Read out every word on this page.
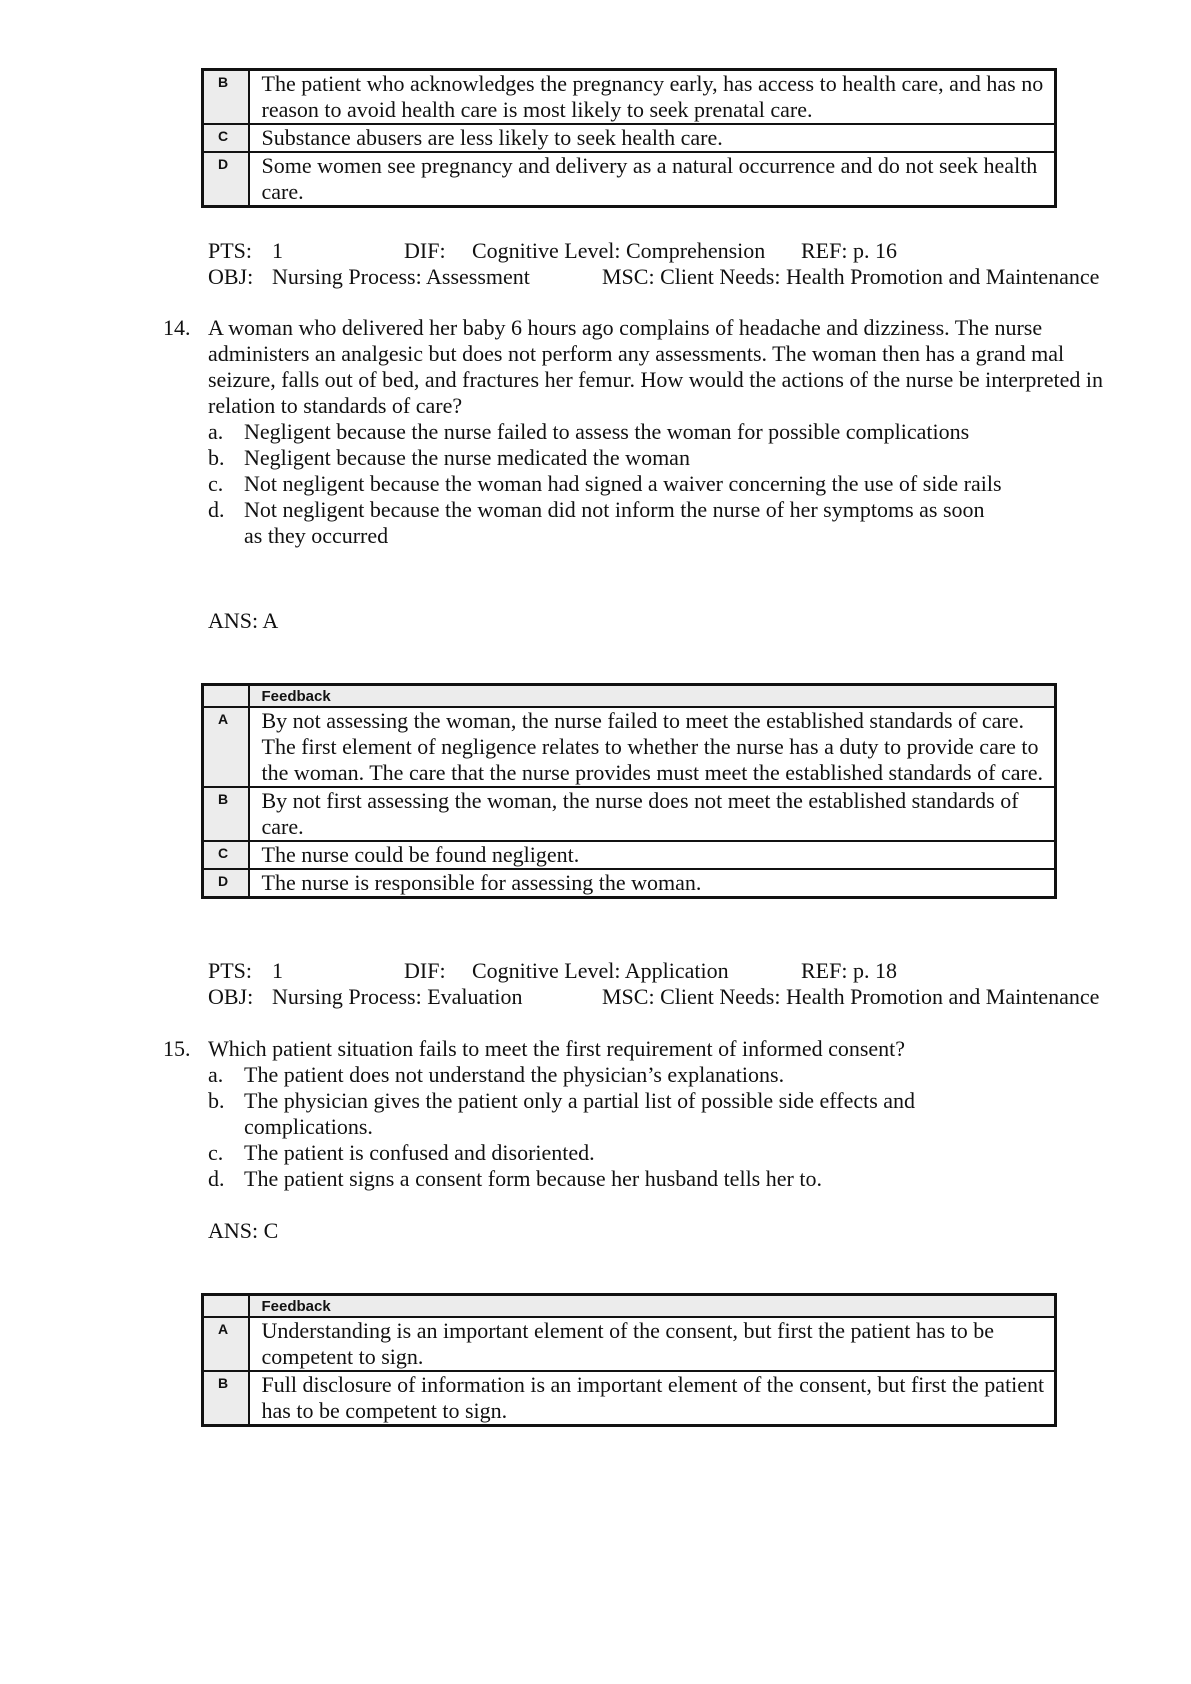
B	The patient who acknowledges the pregnancy early, has access to health care, and has no reason to avoid health care is most likely to seek prenatal care.
C	Substance abusers are less likely to seek health care.
D	Some women see pregnancy and delivery as a natural occurrence and do not seek health care.
PTS: 1	DIF: Cognitive Level: Comprehension REF: p. 16
OBJ: Nursing Process: Assessment	MSC: Client Needs: Health Promotion and Maintenance
14. A woman who delivered her baby 6 hours ago complains of headache and dizziness. The nurse administers an analgesic but does not perform any assessments. The woman then has a grand mal seizure, falls out of bed, and fractures her femur. How would the actions of the nurse be interpreted in relation to standards of care?
a. Negligent because the nurse failed to assess the woman for possible complications
b. Negligent because the nurse medicated the woman
c. Not negligent because the woman had signed a waiver concerning the use of side rails
d. Not negligent because the woman did not inform the nurse of her symptoms as soon as they occurred
ANS: A
	Feedback
A	By not assessing the woman, the nurse failed to meet the established standards of care. The first element of negligence relates to whether the nurse has a duty to provide care to the woman. The care that the nurse provides must meet the established standards of care.
B	By not first assessing the woman, the nurse does not meet the established standards of care.
C	The nurse could be found negligent.
D	The nurse is responsible for assessing the woman.
PTS: 1	DIF: Cognitive Level: Application	REF: p. 18
OBJ: Nursing Process: Evaluation	MSC: Client Needs: Health Promotion and Maintenance
15. Which patient situation fails to meet the first requirement of informed consent?
a. The patient does not understand the physician’s explanations.
b. The physician gives the patient only a partial list of possible side effects and complications.
c. The patient is confused and disoriented.
d. The patient signs a consent form because her husband tells her to.
ANS: C
	Feedback
A	Understanding is an important element of the consent, but first the patient has to be competent to sign.
B	Full disclosure of information is an important element of the consent, but first the patient has to be competent to sign.
